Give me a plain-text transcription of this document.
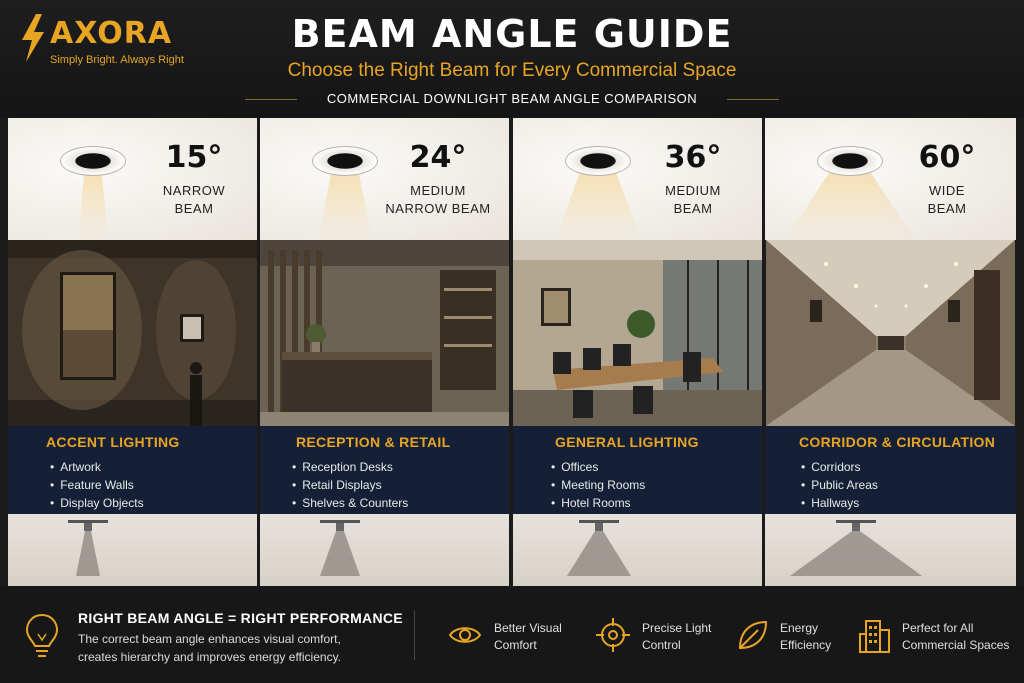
AXORA
Simply Bright. Always Right
BEAM ANGLE GUIDE
Choose the Right Beam for Every Commercial Space
COMMERCIAL DOWNLIGHT BEAM ANGLE COMPARISON
15°
NARROW
BEAM
ACCENT LIGHTING
• Artwork
• Feature Walls
• Display Objects
24°
MEDIUM
NARROW BEAM
RECEPTION & RETAIL
• Reception Desks
• Retail Displays
• Shelves & Counters
36°
MEDIUM
BEAM
GENERAL LIGHTING
• Offices
• Meeting Rooms
• Hotel Rooms
60°
WIDE
BEAM
CORRIDOR & CIRCULATION
• Corridors
• Public Areas
• Hallways
RIGHT BEAM ANGLE = RIGHT PERFORMANCE
The correct beam angle enhances visual comfort,
creates hierarchy and improves energy efficiency.
Better Visual
Comfort
Precise Light
Control
Energy
Efficiency
Perfect for All
Commercial Spaces
